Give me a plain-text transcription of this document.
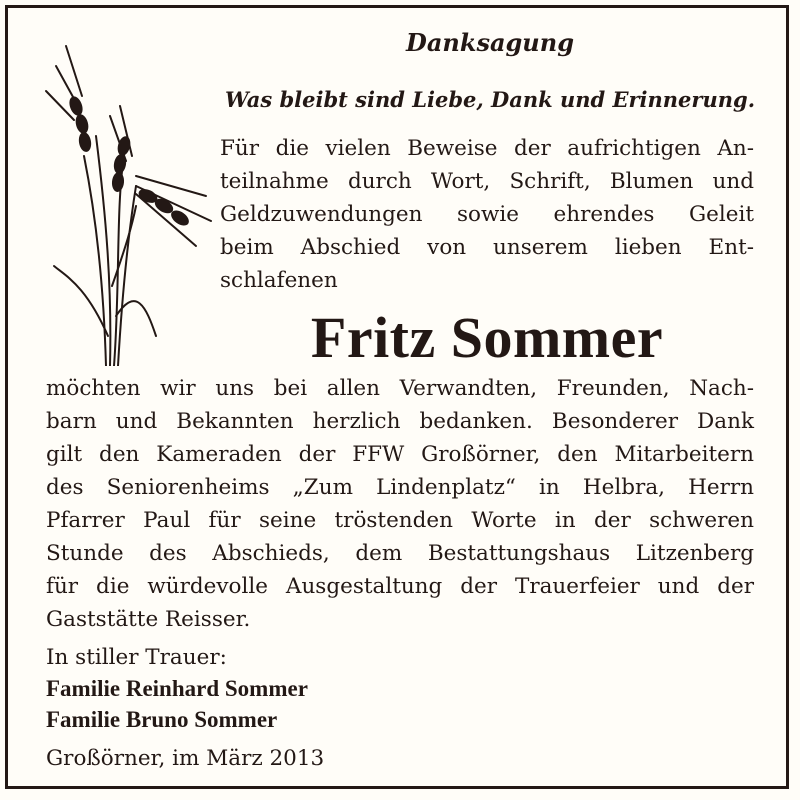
Danksagung
Was bleibt sind Liebe, Dank und Erinnerung.
Für die vielen Beweise der aufrichtigen An-
teilnahme durch Wort, Schrift, Blumen und
Geldzuwendungen sowie ehrendes Geleit
beim Abschied von unserem lieben Ent-
schlafenen
Fritz Sommer
möchten wir uns bei allen Verwandten, Freunden, Nach-
barn und Bekannten herzlich bedanken. Besonderer Dank
gilt den Kameraden der FFW Großörner, den Mitarbeitern
des Seniorenheims „Zum Lindenplatz“ in Helbra, Herrn
Pfarrer Paul für seine tröstenden Worte in der schweren
Stunde des Abschieds, dem Bestattungshaus Litzenberg
für die würdevolle Ausgestaltung der Trauerfeier und der
Gaststätte Reisser.
In stiller Trauer:
Familie Reinhard Sommer
Familie Bruno Sommer
Großörner, im März 2013
